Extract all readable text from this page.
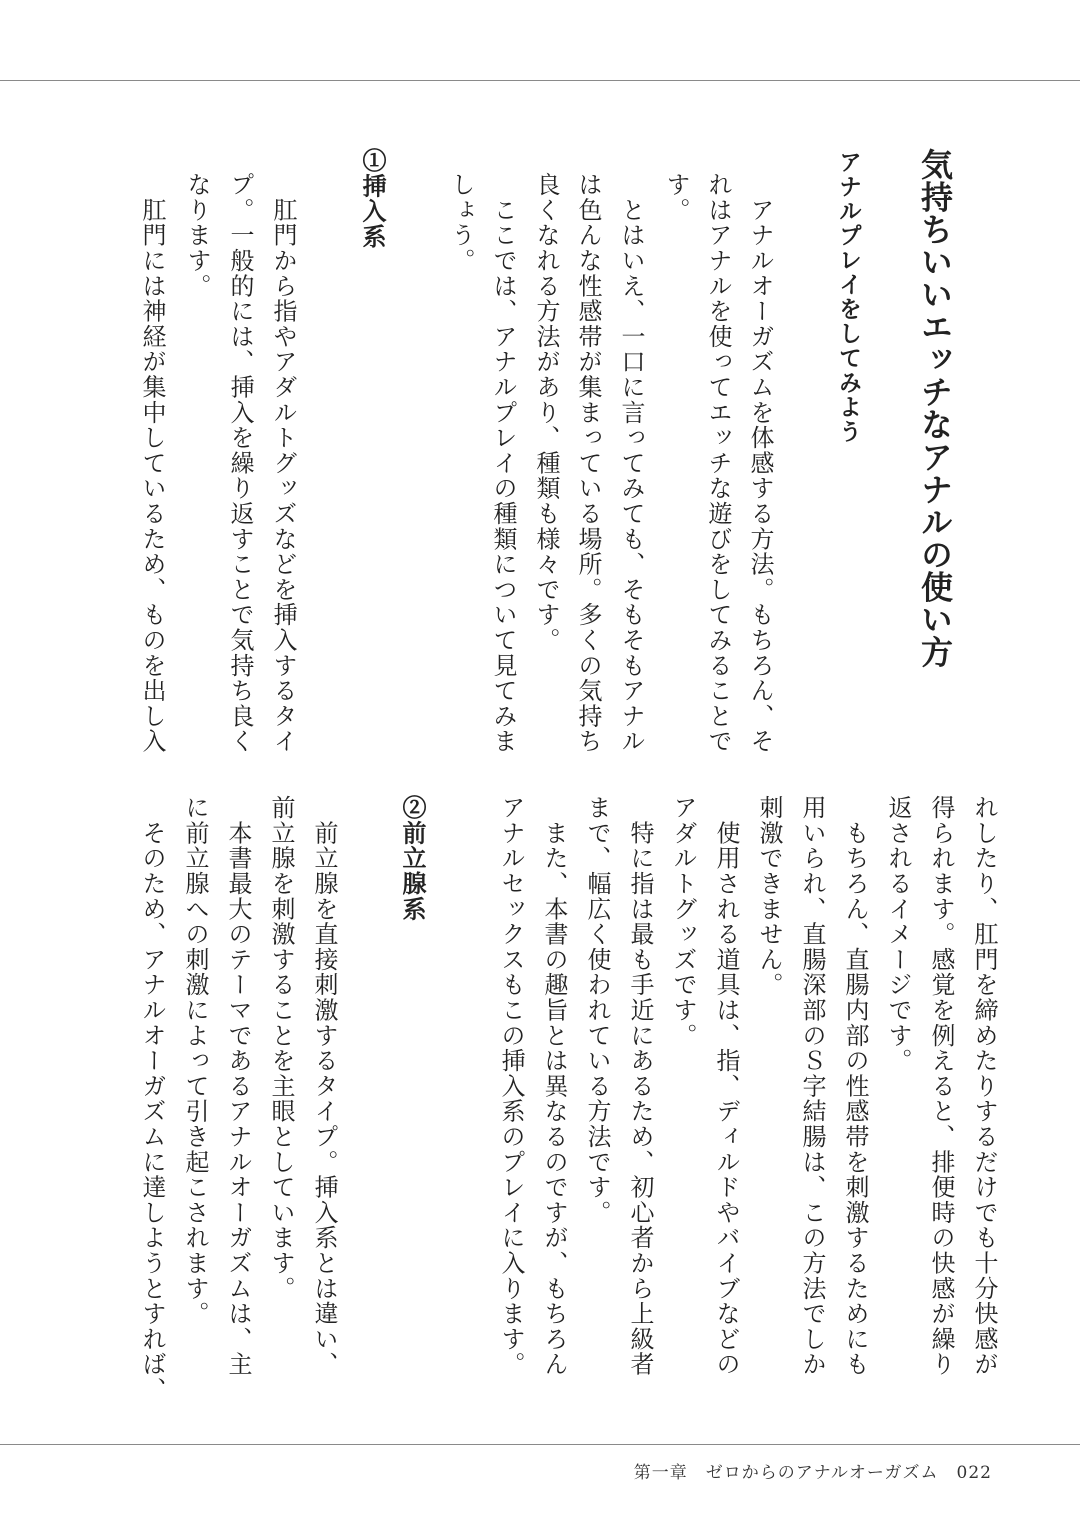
気持ちいいエッチなアナルの使い方
アナルプレイをしてみよう
　アナルオーガズムを体感する方法。もちろん、そ
れはアナルを使ってエッチな遊びをしてみることで
す。
　とはいえ、一口に言ってみても、そもそもアナル
は色んな性感帯が集まっている場所。多くの気持ち
良くなれる方法があり、種類も様々です。
　ここでは、アナルプレイの種類について見てみま
しょう。
①挿入系
　肛門から指やアダルトグッズなどを挿入するタイ
プ。一般的には、挿入を繰り返すことで気持ち良く
なります。
　肛門には神経が集中しているため、ものを出し入
れしたり、肛門を締めたりするだけでも十分快感が
得られます。感覚を例えると、排便時の快感が繰り
返されるイメージです。
　もちろん、直腸内部の性感帯を刺激するためにも
用いられ、直腸深部のＳ字結腸は、この方法でしか
刺激できません。
　使用される道具は、指、ディルドやバイブなどの
アダルトグッズです。
　特に指は最も手近にあるため、初心者から上級者
まで、幅広く使われている方法です。
　また、本書の趣旨とは異なるのですが、もちろん
アナルセックスもこの挿入系のプレイに入ります。
②前立腺系
　前立腺を直接刺激するタイプ。挿入系とは違い、
前立腺を刺激することを主眼としています。
　本書最大のテーマであるアナルオーガズムは、主
に前立腺への刺激によって引き起こされます。
　そのため、アナルオーガズムに達しようとすれば、
第一章　 ゼロからのアナルオーガズム　 022
